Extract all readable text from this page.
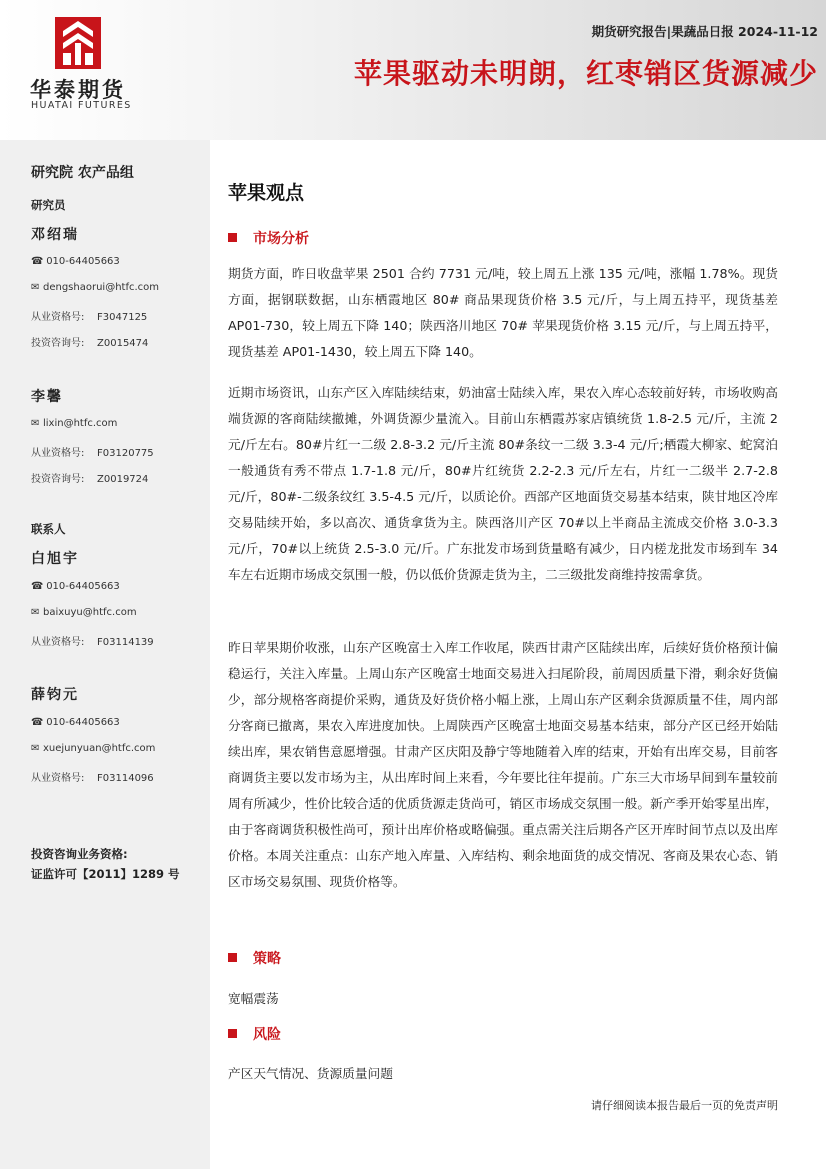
华泰期货
HUATAI FUTURES
期货研究报告|果蔬品日报 2024-11-12
苹果驱动未明朗，红枣销区货源减少
研究院 农产品组
研究员
邓绍瑞
☎ 010-64405663
✉ dengshaorui@htfc.com
从业资格号: F3047125
投资咨询号: Z0015474
李馨
✉ lixin@htfc.com
从业资格号: F03120775
投资咨询号: Z0019724
联系人
白旭宇
☎ 010-64405663
✉ baixuyu@htfc.com
从业资格号: F03114139
薛钧元
☎ 010-64405663
✉ xuejunyuan@htfc.com
从业资格号: F03114096
投资咨询业务资格:
证监许可【2011】1289 号
苹果观点
市场分析
期货方面，昨日收盘苹果 2501 合约 7731 元/吨，较上周五上涨 135 元/吨，涨幅 1.78%。现货方面，据钢联数据，山东栖霞地区 80# 商品果现货价格 3.5 元/斤，与上周五持平，现货基差 AP01-730，较上周五下降 140；陕西洛川地区 70# 苹果现货价格 3.15 元/斤，与上周五持平，现货基差 AP01-1430，较上周五下降 140。
近期市场资讯，山东产区入库陆续结束，奶油富士陆续入库，果农入库心态较前好转，市场收购高端货源的客商陆续撤摊，外调货源少量流入。目前山东栖霞苏家店镇统货 1.8-2.5 元/斤，主流 2 元/斤左右。80#片红一二级 2.8-3.2 元/斤主流 80#条纹一二级 3.3-4 元/斤;栖霞大柳家、蛇窝泊一般通货有秀不带点 1.7-1.8 元/斤，80#片红统货 2.2-2.3 元/斤左右，片红一二级半 2.7-2.8 元/斤，80#-二级条纹红 3.5-4.5 元/斤，以质论价。西部产区地面货交易基本结束，陕甘地区冷库交易陆续开始，多以高次、通货拿货为主。陕西洛川产区 70#以上半商品主流成交价格 3.0-3.3 元/斤，70#以上统货 2.5-3.0 元/斤。广东批发市场到货量略有减少，日内槎龙批发市场到车 34 车左右近期市场成交氛围一般，仍以低价货源走货为主，二三级批发商维持按需拿货。
昨日苹果期价收涨，山东产区晚富士入库工作收尾，陕西甘肃产区陆续出库，后续好货价格预计偏稳运行，关注入库量。上周山东产区晚富士地面交易进入扫尾阶段，前周因质量下滑，剩余好货偏少，部分规格客商提价采购，通货及好货价格小幅上涨，上周山东产区剩余货源质量不佳，周内部分客商已撤离，果农入库进度加快。上周陕西产区晚富士地面交易基本结束，部分产区已经开始陆续出库，果农销售意愿增强。甘肃产区庆阳及静宁等地随着入库的结束，开始有出库交易，目前客商调货主要以发市场为主，从出库时间上来看，今年要比往年提前。广东三大市场早间到车量较前周有所减少，性价比较合适的优质货源走货尚可，销区市场成交氛围一般。新产季开始零星出库，由于客商调货积极性尚可，预计出库价格或略偏强。重点需关注后期各产区开库时间节点以及出库价格。本周关注重点：山东产地入库量、入库结构、剩余地面货的成交情况、客商及果农心态、销区市场交易氛围、现货价格等。
策略
宽幅震荡
风险
产区天气情况、货源质量问题
请仔细阅读本报告最后一页的免责声明
